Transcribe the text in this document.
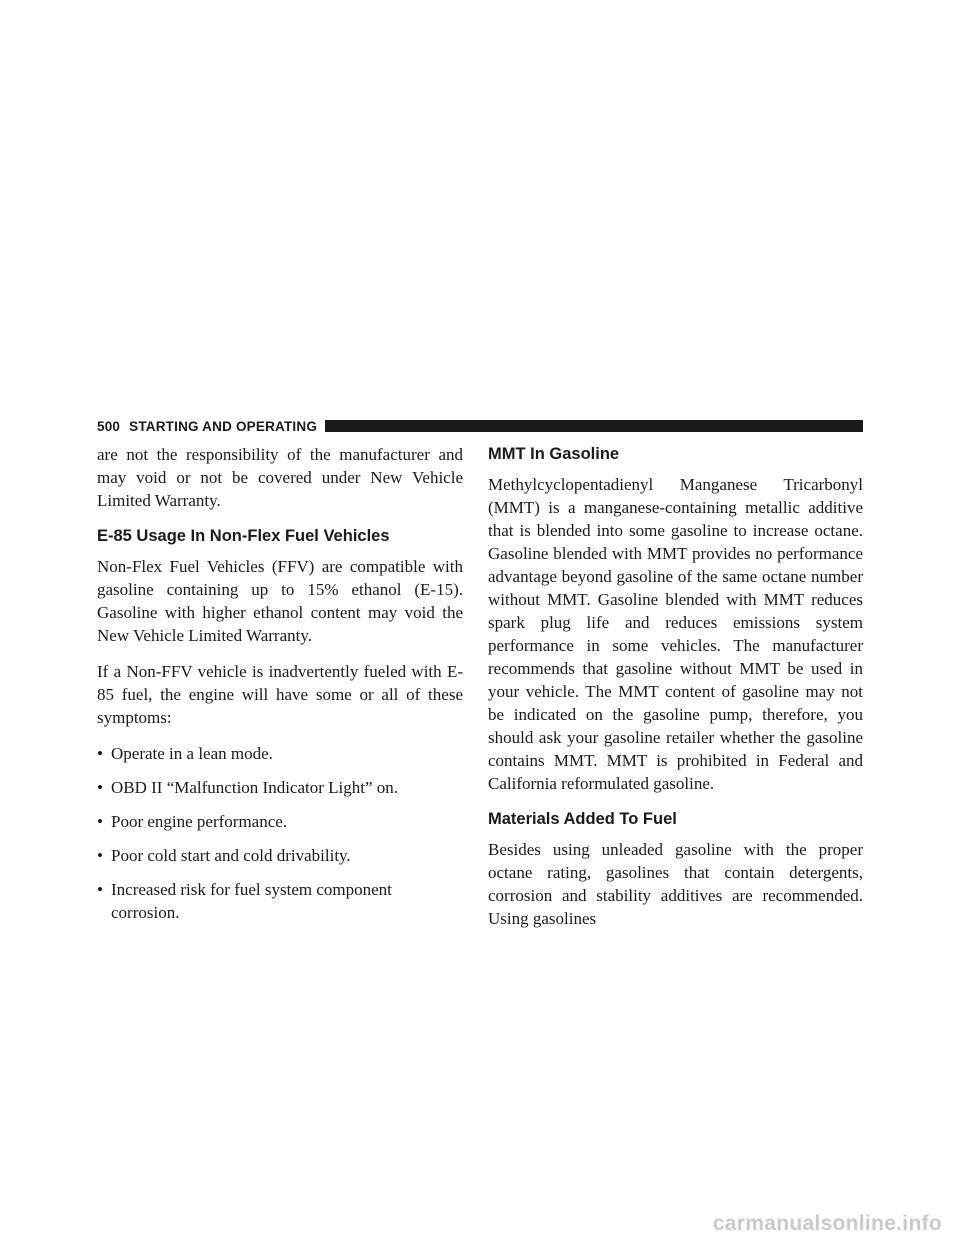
500 STARTING AND OPERATING

are not the responsibility of the manufacturer and may void or not be covered under New Vehicle Limited Warranty.

E-85 Usage In Non-Flex Fuel Vehicles

Non-Flex Fuel Vehicles (FFV) are compatible with gasoline containing up to 15% ethanol (E-15). Gasoline with higher ethanol content may void the New Vehicle Limited Warranty.

If a Non-FFV vehicle is inadvertently fueled with E-85 fuel, the engine will have some or all of these symptoms:

• Operate in a lean mode.
• OBD II “Malfunction Indicator Light” on.
• Poor engine performance.
• Poor cold start and cold drivability.
• Increased risk for fuel system component corrosion.
MMT In Gasoline

Methylcyclopentadienyl Manganese Tricarbonyl (MMT) is a manganese-containing metallic additive that is blended into some gasoline to increase octane. Gasoline blended with MMT provides no performance advantage beyond gasoline of the same octane number without MMT. Gasoline blended with MMT reduces spark plug life and reduces emissions system performance in some vehicles. The manufacturer recommends that gasoline without MMT be used in your vehicle. The MMT content of gasoline may not be indicated on the gasoline pump, therefore, you should ask your gasoline retailer whether the gasoline contains MMT. MMT is prohibited in Federal and California reformulated gasoline.

Materials Added To Fuel

Besides using unleaded gasoline with the proper octane rating, gasolines that contain detergents, corrosion and stability additives are recommended. Using gasolines

carmanualsonline.info
